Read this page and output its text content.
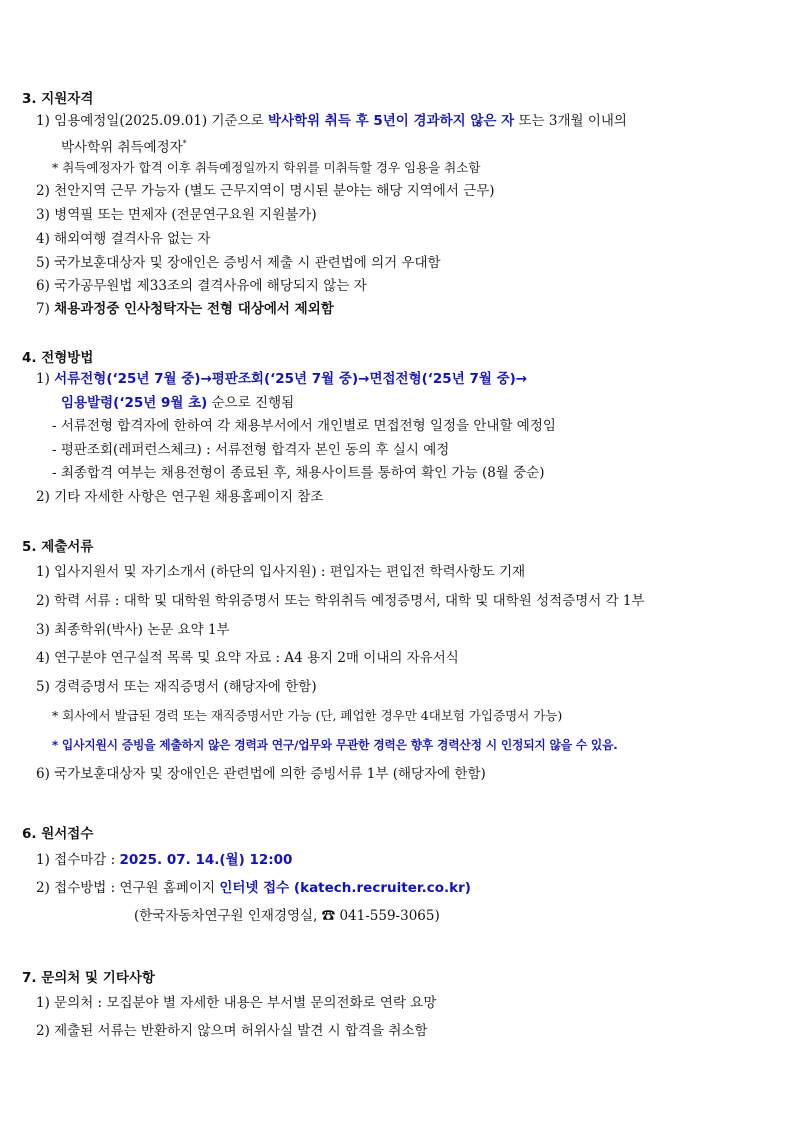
3. 지원자격
1) 임용예정일(2025.09.01) 기준으로 박사학위 취득 후 5년이 경과하지 않은 자 또는 3개월 이내의
박사학위 취득예정자*
* 취득예정자가 합격 이후 취득예정일까지 학위를 미취득할 경우 임용을 취소함
2) 천안지역 근무 가능자 (별도 근무지역이 명시된 분야는 해당 지역에서 근무)
3) 병역필 또는 면제자 (전문연구요원 지원불가)
4) 해외여행 결격사유 없는 자
5) 국가보훈대상자 및 장애인은 증빙서 제출 시 관련법에 의거 우대함
6) 국가공무원법 제33조의 결격사유에 해당되지 않는 자
7) 채용과정중 인사청탁자는 전형 대상에서 제외함
4. 전형방법
1) 서류전형(‘25년 7월 중)→평판조회(‘25년 7월 중)→면접전형(‘25년 7월 중)→
임용발령(‘25년 9월 초) 순으로 진행됨
- 서류전형 합격자에 한하여 각 채용부서에서 개인별로 면접전형 일정을 안내할 예정임
- 평판조회(레퍼런스체크) : 서류전형 합격자 본인 동의 후 실시 예정
- 최종합격 여부는 채용전형이 종료된 후, 채용사이트를 통하여 확인 가능 (8월 중순)
2) 기타 자세한 사항은 연구원 채용홈페이지 참조
5. 제출서류
1) 입사지원서 및 자기소개서 (하단의 입사지원) : 편입자는 편입전 학력사항도 기재
2) 학력 서류 : 대학 및 대학원 학위증명서 또는 학위취득 예정증명서, 대학 및 대학원 성적증명서 각 1부
3) 최종학위(박사) 논문 요약 1부
4) 연구분야 연구실적 목록 및 요약 자료 : A4 용지 2매 이내의 자유서식
5) 경력증명서 또는 재직증명서 (해당자에 한함)
* 회사에서 발급된 경력 또는 재직증명서만 가능 (단, 폐업한 경우만 4대보험 가입증명서 가능)
* 입사지원시 증빙을 제출하지 않은 경력과 연구/업무와 무관한 경력은 향후 경력산정 시 인정되지 않을 수 있음.
6) 국가보훈대상자 및 장애인은 관련법에 의한 증빙서류 1부 (해당자에 한함)
6. 원서접수
1) 접수마감 : 2025. 07. 14.(월) 12:00
2) 접수방법 : 연구원 홈페이지 인터넷 접수 (katech.recruiter.co.kr)
(한국자동차연구원 인재경영실, ☎ 041-559-3065)
7. 문의처 및 기타사항
1) 문의처 : 모집분야 별 자세한 내용은 부서별 문의전화로 연락 요망
2) 제출된 서류는 반환하지 않으며 허위사실 발견 시 합격을 취소함
